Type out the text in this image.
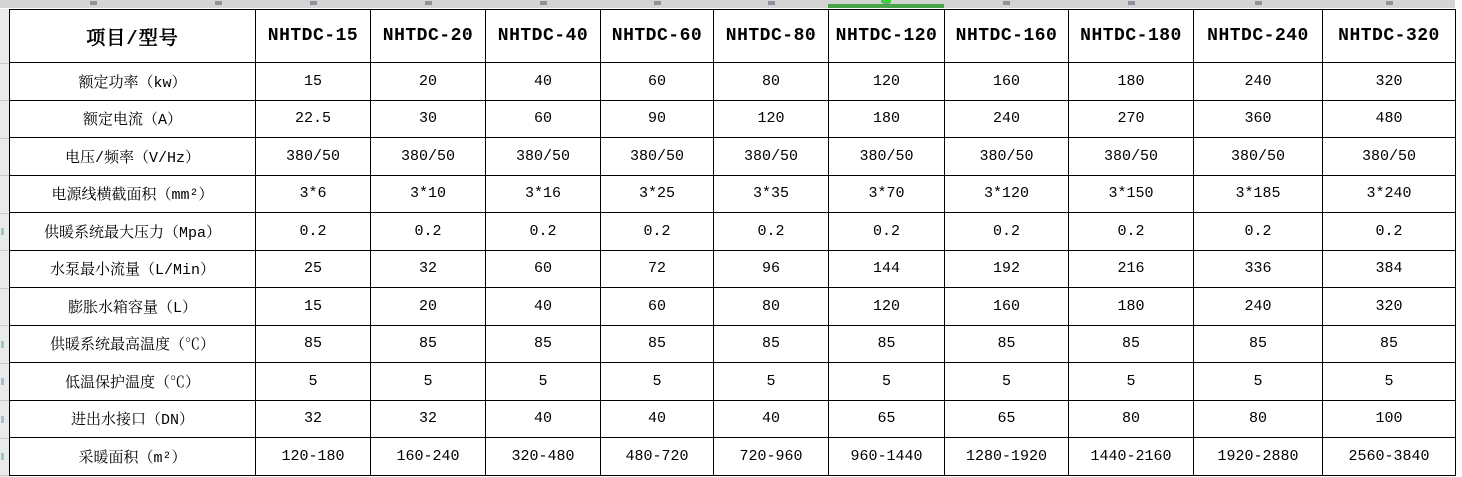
项目/型号	NHTDC-15	NHTDC-20	NHTDC-40	NHTDC-60	NHTDC-80	NHTDC-120	NHTDC-160	NHTDC-180	NHTDC-240	NHTDC-320
额定功率（kw）	15	20	40	60	80	120	160	180	240	320
额定电流（A）	22.5	30	60	90	120	180	240	270	360	480
电压/频率（V/Hz）	380/50	380/50	380/50	380/50	380/50	380/50	380/50	380/50	380/50	380/50
电源线横截面积（mm²）	3*6	3*10	3*16	3*25	3*35	3*70	3*120	3*150	3*185	3*240
供暖系统最大压力（Mpa）	0.2	0.2	0.2	0.2	0.2	0.2	0.2	0.2	0.2	0.2
水泵最小流量（L/Min）	25	32	60	72	96	144	192	216	336	384
膨胀水箱容量（L）	15	20	40	60	80	120	160	180	240	320
供暖系统最高温度（℃）	85	85	85	85	85	85	85	85	85	85
低温保护温度（℃）	5	5	5	5	5	5	5	5	5	5
进出水接口（DN）	32	32	40	40	40	65	65	80	80	100
采暖面积（m²）	120-180	160-240	320-480	480-720	720-960	960-1440	1280-1920	1440-2160	1920-2880	2560-3840
